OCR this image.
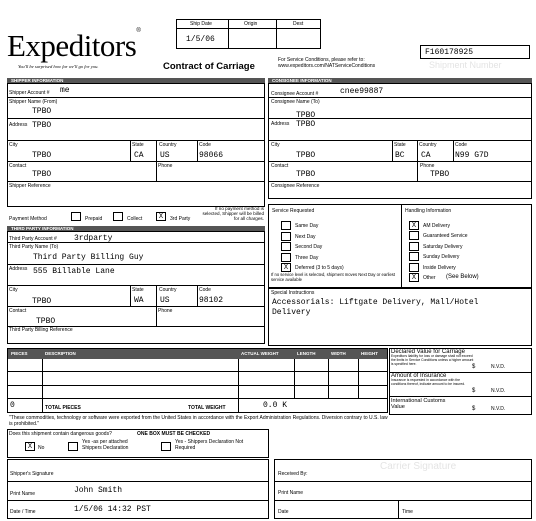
Expeditors®
You'll be surprised how far we'll go for you.	Contract of Carriage
Ship Date	Origin	Dest
1/5/06
For Service Conditions, please refer to:
www.expeditors.com/NATServiceConditions
F160178925
Shipment Number
SHIPPER INFORMATION
Shipper Account # me
Shipper Name (From)
TPBO
Address TPBO
City
TPBO
State
CA
Country
US
Code
98066
Contact
TPBO
Phone
Shipper Reference
Payment Method	Prepaid	Collect	X	3rd Party
If no payment method is selected, Shipper will be billed for all charges.
THIRD PARTY INFORMATION
Third Party Account # 3rdparty
Third Party Name (To)
Third Party Billing Guy
Address 555 Billable Lane
City
TPBO
State
WA
Country
US
Code
98102
Contact
TPBO
Phone
Third Party Billing Reference
CONSIGNEE INFORMATION
Consignee Account #	cnee99887
Consignee Name (To)
TPBO
Address TPBO
City
TPBO
State
BC
Country
CA
Code
N99 G7D
Contact
TPBO
Phone
TPBO
Consignee Reference
Service Requested
Same Day
Next Day
Second Day
Three Day
X	Deferred (3 to 5 days)
If no service level is selected, shipment moves Next Day or earliest service available
Handling Information
X	AM Delivery
Guaranteed Service
Saturday Delivery
Sunday Delivery
Inside Delivery
X	Other (See Below)
Special Instructions
Accessorials: Liftgate Delivery, Mall/Hotel
Delivery
PIECES	DESCRIPTION	ACTUAL WEIGHT	LENGTH	WIDTH	HEIGHT
0	TOTAL PIECES	TOTAL WEIGHT	0.0 K
Declared Value for Carriage
Expeditors liability for loss or damage shall not exceed the limits in Service Conditions unless a higher amount is specified here.
$	N.V.D.
Amount of Insurance
Insurance is requested in accordance with the conditions thereof, indicate amount to be insured.
$	N.V.D.
International Customs Value	$	N.V.D.
"These commodities, technology or software were exported from the United States in accordance with the Export Administration Regulations. Diversion contrary to U.S. law is prohibited."
Does this shipment contain dangerous goods?	ONE BOX MUST BE CHECKED
X	No
Yes -as per attached Shippers Declaration
Yes - Shippers Declaration Not Required
Shipper's Signature
Print Name	John Smith
Date / Time	1/5/06 14:32 PST
Received By:
Carrier Signature
Print Name
Date	Time
